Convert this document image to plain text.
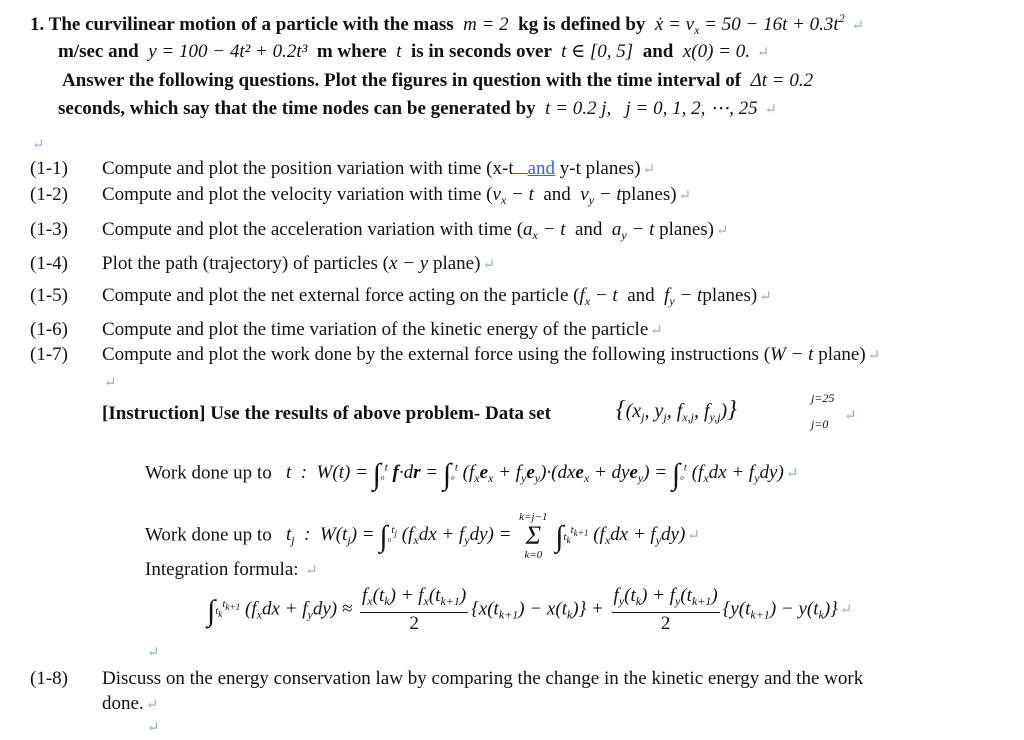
1. The curvilinear motion of a particle with the mass m = 2 kg is defined by ẋ = $v_x = 50 - 16t + 0.3t^2$ ↵
m/sec and y = 100 − 4t² + 0.2t³ m where t is in seconds over t ∈ [0, 5] and x(0) = 0. ↵
Answer the following questions. Plot the figures in question with the time interval of Δt = 0.2
seconds, which say that the time nodes can be generated by t = 0.2 j, j = 0, 1, 2, ⋯, 25 ↵
↵
(1-1) Compute and plot the position variation with time (x-t and y-t planes) ↵
(1-2) Compute and plot the velocity variation with time ($v_x - t$  and  $v_y$ − tplanes) ↵
(1-3) Compute and plot the acceleration variation with time ($a_x - t$  and  $a_y - t$ planes) ↵
(1-4) Plot the path (trajectory) of particles (x − y plane) ↵
(1-5) Compute and plot the net external force acting on the particle ($f_x - t$  and  $f_y$ − tplanes) ↵
(1-6) Compute and plot the time variation of the kinetic energy of the particle ↵
(1-7) Compute and plot the work done by the external force using the following instructions (W − t plane) ↵
↵
[Instruction] Use the results of above problem- Data set	{($x_j$, $y_j$, $f_{x,j}$, $f_{y,j}$)}	j=25
j=0 ↵
Work done up to   t  :  W(t) = ∫₀$^t$ f·dr = ∫₀$^t$ $(f_xe_x + f_ye_y)\cdot(dxe_x + dye_y) = \int_0^t$ $(f_xdx + f_ydy)$ ↵
Work done up to   $t_j$  :  $W(t_j) = \int_0^{t_j}$ $(f_xdx + f_ydy) = k=j-1$
Σ
k=0 $\int t_k^{t_{k+1}}$ $(f_xdx + f_ydy)$ ↵
Integration formula: ↵
$\int t_k^{t_{k+1}}$ $(f_xdx + f_ydy) \approx \frac{f_x(t_k) + f_x(t_{k+1})}{2} \{x(t_{k+1}) - x(t_k)\} + \frac{f_y(t_k) + f_y(t_{k+1})}{2} \{y(t_{k+1}) - y(t_k)\}$ ↵
↵
(1-8) Discuss on the energy conservation law by comparing the change in the kinetic energy and the work
done. ↵
↵
